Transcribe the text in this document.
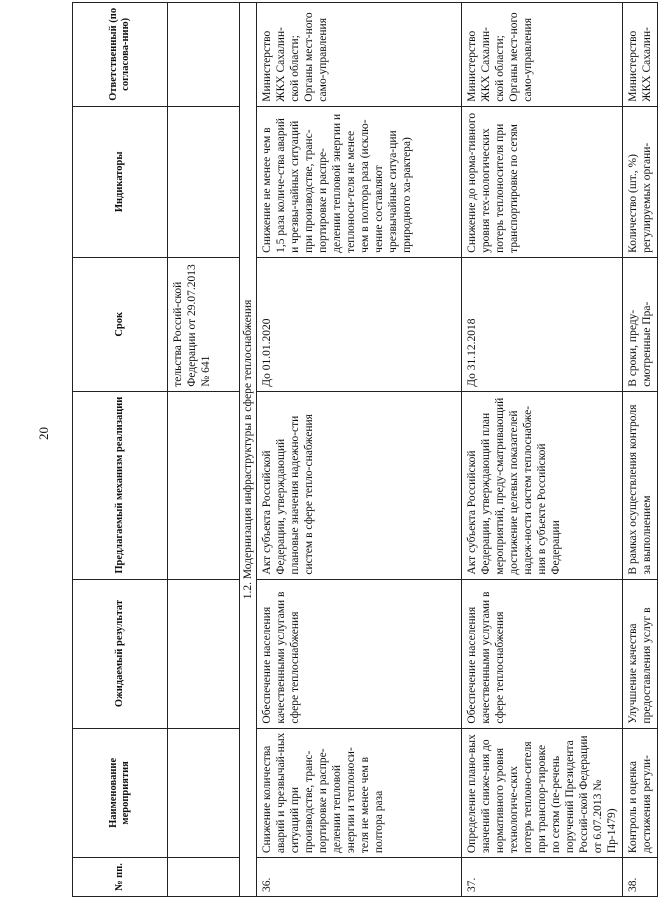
20
№ пп.	Наименование мероприятия	Ожидаемый результат	Предлагаемый механизм реализации	Срок	Индикаторы	Ответственный (по согласова-нию)
				тельства Россий-ской Федерации от 29.07.2013 № 641		
1.2. Модернизация инфраструктуры в сфере теплоснабжения						
36.	Снижение количества аварий и чрезвычай-ных ситуаций при производстве, транс-портировке и распре-делении тепловой энергии и теплоноси-теля не менее чем в полтора раза	Обеспечение населения качественными услугами в сфере теплоснабжения	Акт субъекта Российской Федерации, утверждающий плановые значения надежно-сти систем в сфере тепло-снабжения	До 01.01.2020	Снижение не менее чем в 1,5 раза количе-ства аварий и чрезвы-чайных ситуаций при производстве, транс-портировке и распре-делении тепловой энергии и теплоноси-теля не менее чем в полтора раза (исклю-чение составляют чрезвычайные ситуа-ции природного ха-рактера)	Министерство ЖКХ Сахалин-ской области; Органы мест-ного само-управления
37.	Определение плано-вых значений сниже-ния до нормативного уровня технологиче-ских потерь теплоно-сителя при транспор-тировке по сетям (пе-речень поручений Президента Россий-ской Федерации от 6.07.2013 № Пр-1479)	Обеспечение населения качественными услугами в сфере теплоснабжения	Акт субъекта Российской Федерации, утверждающий план мероприятий, преду-сматривающий достижение целевых показателей надеж-ности систем теплоснабже-ния в субъекте Российской Федерации	До 31.12.2018	Снижение до норма-тивного уровня тех-нологических потерь теплоносителя при транспортировке по сетям	Министерство ЖКХ Сахалин-ской области; Органы мест-ного само-управления
38.	Контроль и оценка достижения регули-	Улучшение качества предоставления услуг в	В рамках осуществления контроля за выполнением	В сроки, преду-смотренные Пра-	Количество (шт., %) регулируемых органи-	Министерство ЖКХ Сахалин-
